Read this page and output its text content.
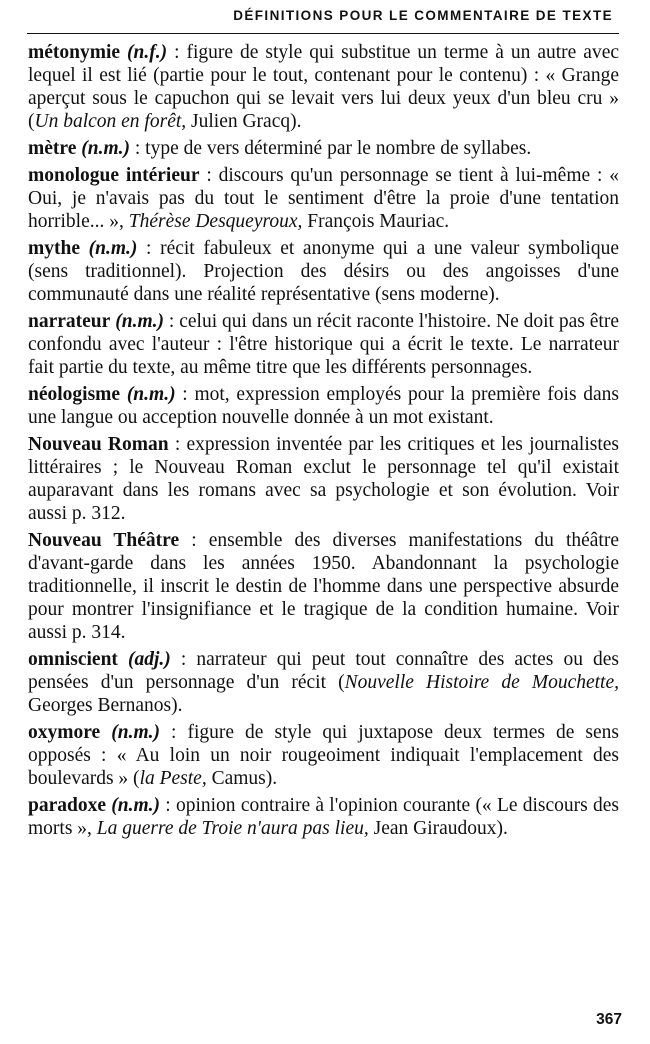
DÉFINITIONS POUR LE COMMENTAIRE DE TEXTE

métonymie (n.f.) : figure de style qui substitue un terme à un autre avec lequel il est lié (partie pour le tout, contenant pour le contenu) : « Grange aperçut sous le capuchon qui se levait vers lui deux yeux d'un bleu cru » (Un balcon en forêt, Julien Gracq).

mètre (n.m.) : type de vers déterminé par le nombre de syllabes.

monologue intérieur : discours qu'un personnage se tient à lui-même : « Oui, je n'avais pas du tout le sentiment d'être la proie d'une tentation horrible... », Thérèse Desqueyroux, François Mauriac.

mythe (n.m.) : récit fabuleux et anonyme qui a une valeur symbolique (sens traditionnel). Projection des désirs ou des angoisses d'une communauté dans une réalité représentative (sens moderne).

narrateur (n.m.) : celui qui dans un récit raconte l'histoire. Ne doit pas être confondu avec l'auteur : l'être historique qui a écrit le texte. Le narrateur fait partie du texte, au même titre que les différents personnages.

néologisme (n.m.) : mot, expression employés pour la première fois dans une langue ou acception nouvelle donnée à un mot existant.

Nouveau Roman : expression inventée par les critiques et les journalistes littéraires ; le Nouveau Roman exclut le personnage tel qu'il existait auparavant dans les romans avec sa psychologie et son évolution. Voir aussi p. 312.

Nouveau Théâtre : ensemble des diverses manifestations du théâtre d'avant-garde dans les années 1950. Abandonnant la psychologie traditionnelle, il inscrit le destin de l'homme dans une perspective absurde pour montrer l'insignifiance et le tragique de la condition humaine. Voir aussi p. 314.

omniscient (adj.) : narrateur qui peut tout connaître des actes ou des pensées d'un personnage d'un récit (Nouvelle Histoire de Mouchette, Georges Bernanos).

oxymore (n.m.) : figure de style qui juxtapose deux termes de sens opposés : « Au loin un noir rougeoiment indiquait l'emplacement des boulevards » (la Peste, Camus).

paradoxe (n.m.) : opinion contraire à l'opinion courante (« Le discours des morts », La guerre de Troie n'aura pas lieu, Jean Giraudoux).

367
